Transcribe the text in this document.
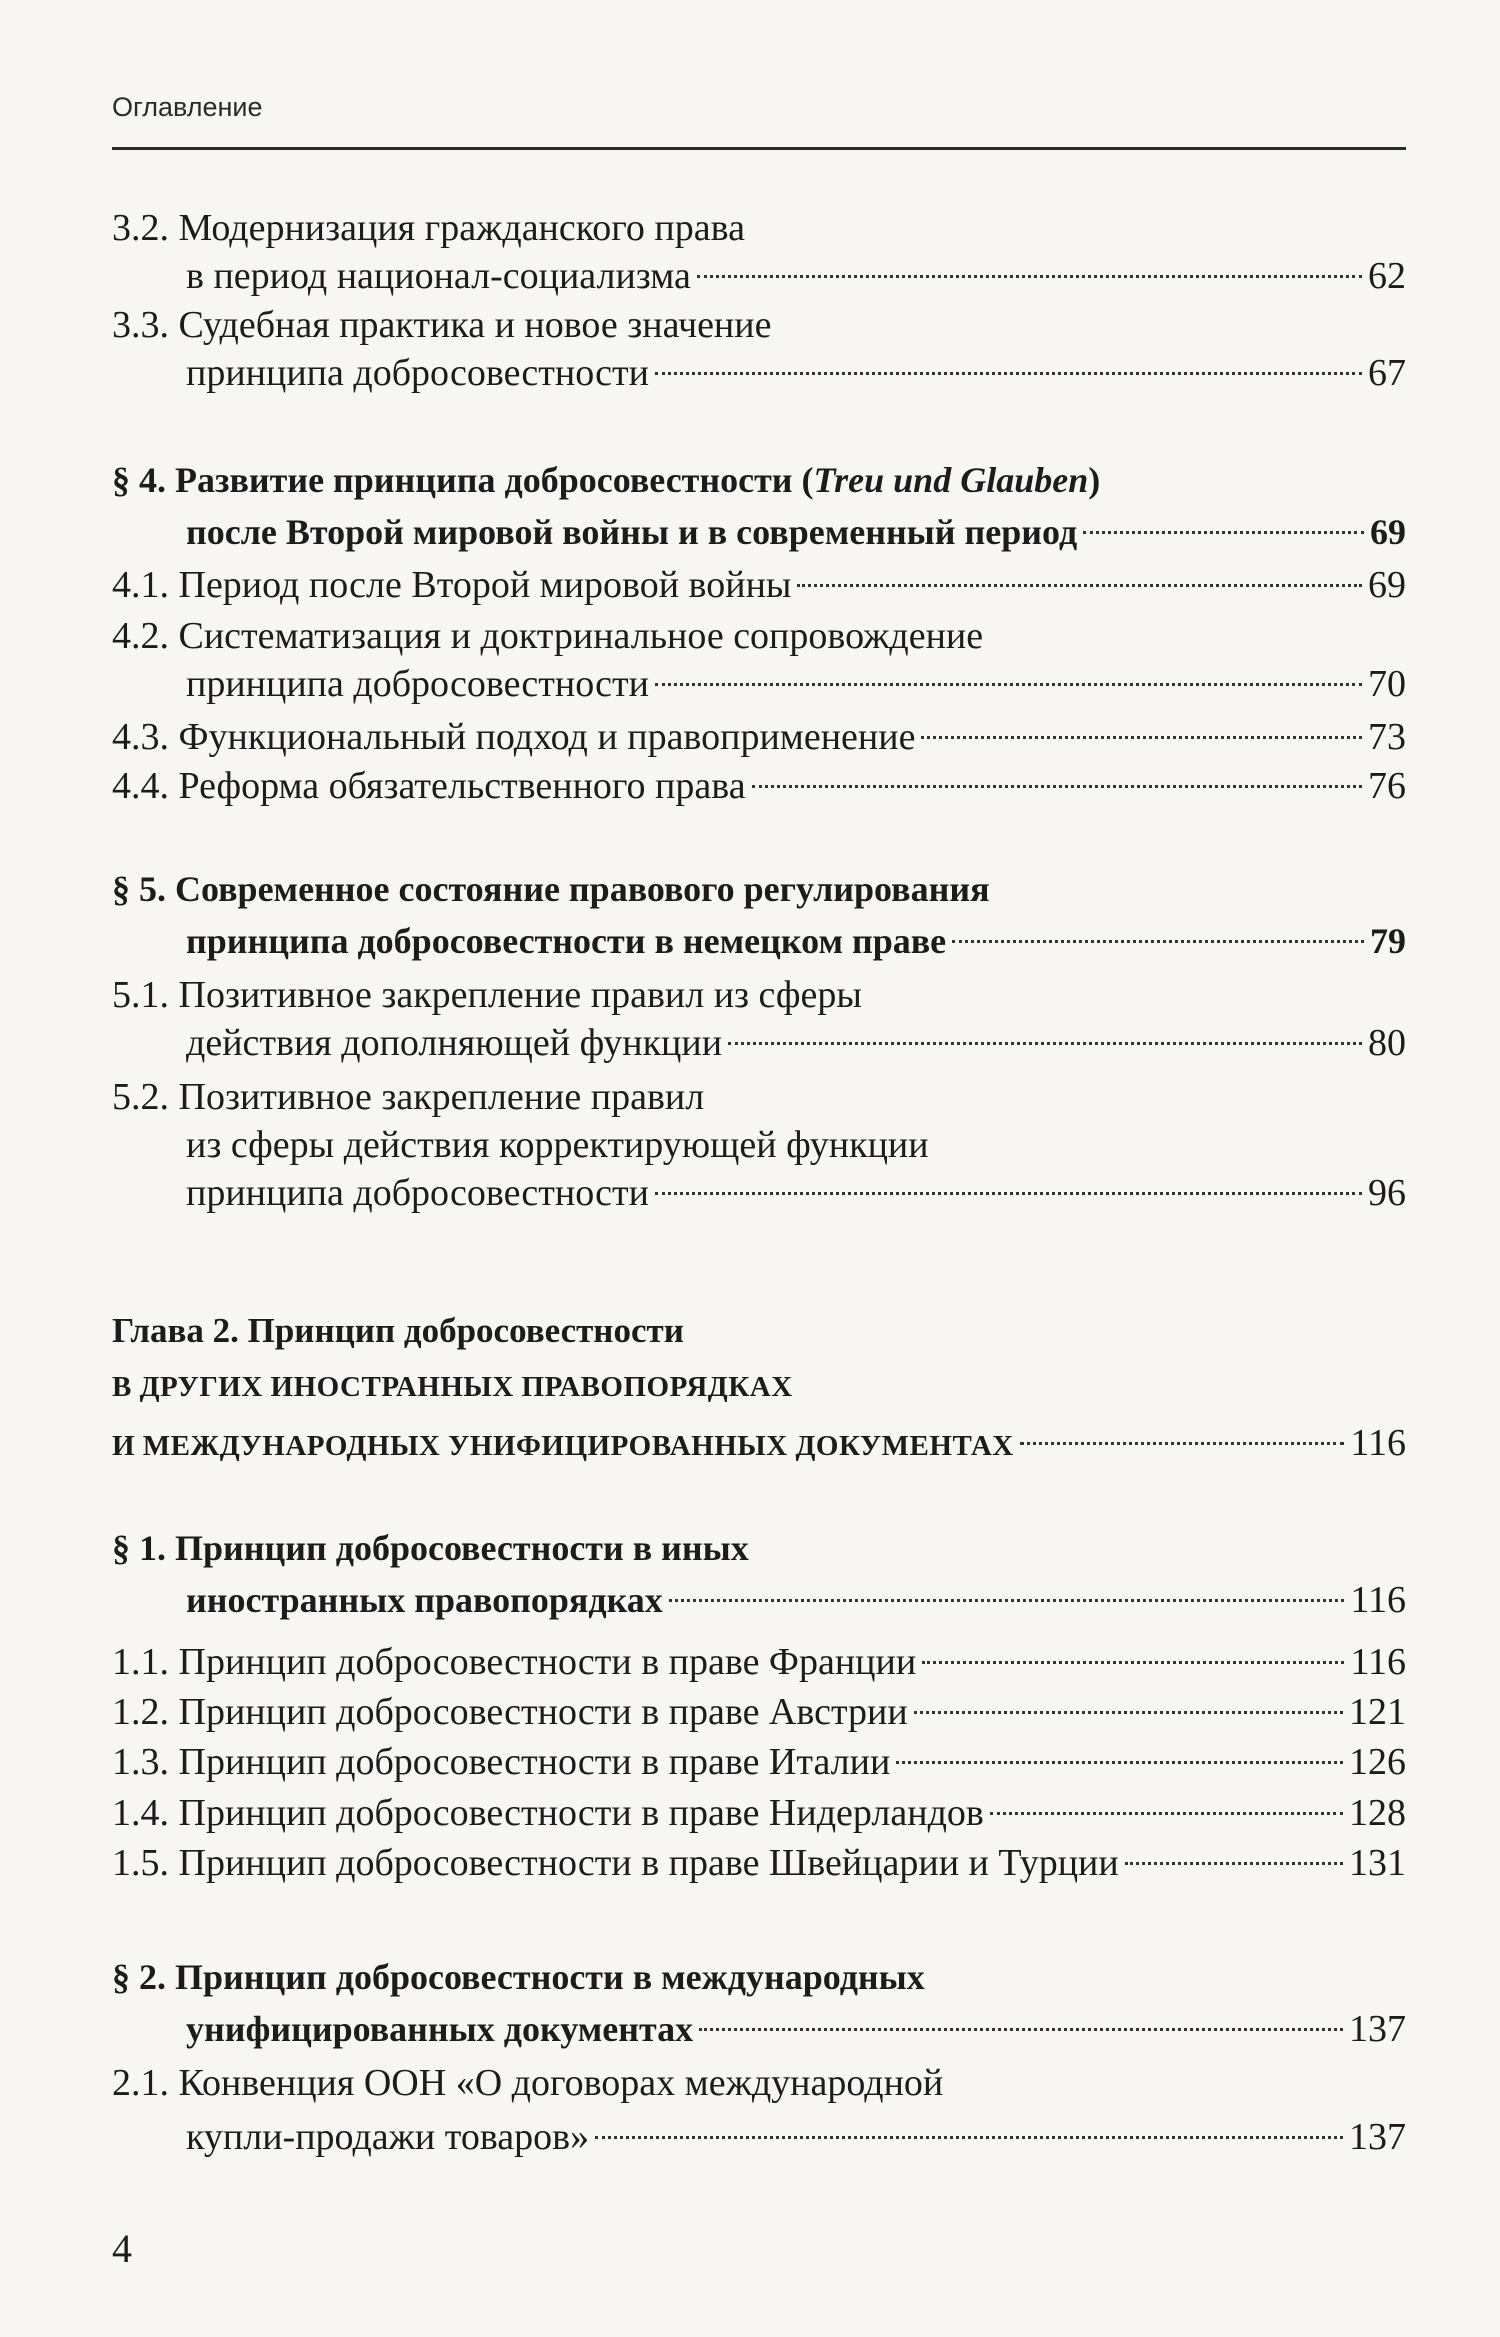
Оглавление
3.2. Модернизация гражданского права
в период национал-социализма	62
3.3. Судебная практика и новое значение
принципа добросовестности	67
§ 4. Развитие принципа добросовестности ( Treu und Glauben )
после Второй мировой войны и в современный период	69
4.1. Период после Второй мировой войны	69
4.2. Систематизация и доктринальное сопровождение
принципа добросовестности	70
4.3. Функциональный подход и правоприменение	73
4.4. Реформа обязательственного права	76
§ 5. Современное состояние правового регулирования
принципа добросовестности в немецком праве	79
5.1. Позитивное закрепление правил из сферы
действия дополняющей функции	80
5.2. Позитивное закрепление правил
из сферы действия корректирующей функции
принципа добросовестности	96
Глава 2. Принцип добросовестности
В ДРУГИХ ИНОСТРАННЫХ ПРАВОПОРЯДКАХ
И МЕЖДУНАРОДНЫХ УНИФИЦИРОВАННЫХ ДОКУМЕНТАХ	116
§ 1. Принцип добросовестности в иных
иностранных правопорядках	116
1.1. Принцип добросовестности в праве Франции	116
1.2. Принцип добросовестности в праве Австрии	121
1.3. Принцип добросовестности в праве Италии	126
1.4. Принцип добросовестности в праве Нидерландов	128
1.5. Принцип добросовестности в праве Швейцарии и Турции	131
§ 2. Принцип добросовестности в международных
унифицированных документах	137
2.1. Конвенция ООН «О договорах международной
купли-продажи товаров»	137
4
